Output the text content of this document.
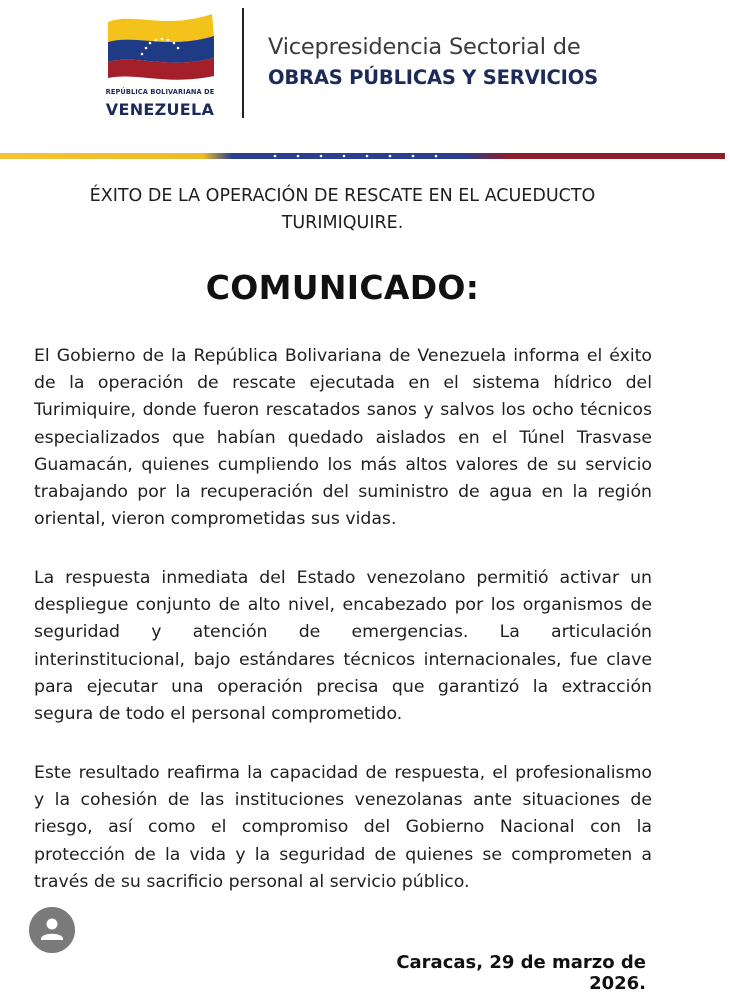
REPÚBLICA BOLIVARIANA DE
VENEZUELA
Vicepresidencia Sectorial de
OBRAS PÚBLICAS Y SERVICIOS
ÉXITO DE LA OPERACIÓN DE RESCATE EN EL ACUEDUCTO TURIMIQUIRE.
COMUNICADO:

El Gobierno de la República Bolivariana de Venezuela informa el éxito de la operación de rescate ejecutada en el sistema hídrico del Turimiquire, donde fueron rescatados sanos y salvos los ocho técnicos especializados que habían quedado aislados en el Túnel Trasvase Guamacán, quienes cumpliendo los más altos valores de su servicio trabajando por la recuperación del suministro de agua en la región oriental, vieron comprometidas sus vidas.

La respuesta inmediata del Estado venezolano permitió activar un despliegue conjunto de alto nivel, encabezado por los organismos de seguridad y atención de emergencias. La articulación interinstitucional, bajo estándares técnicos internacionales, fue clave para ejecutar una operación precisa que garantizó la extracción segura de todo el personal comprometido.

Este resultado reafirma la capacidad de respuesta, el profesionalismo y la cohesión de las instituciones venezolanas ante situaciones de riesgo, así como el compromiso del Gobierno Nacional con la protección de la vida y la seguridad de quienes se comprometen a través de su sacrificio personal al servicio público.

Caracas, 29 de marzo de 2026.
